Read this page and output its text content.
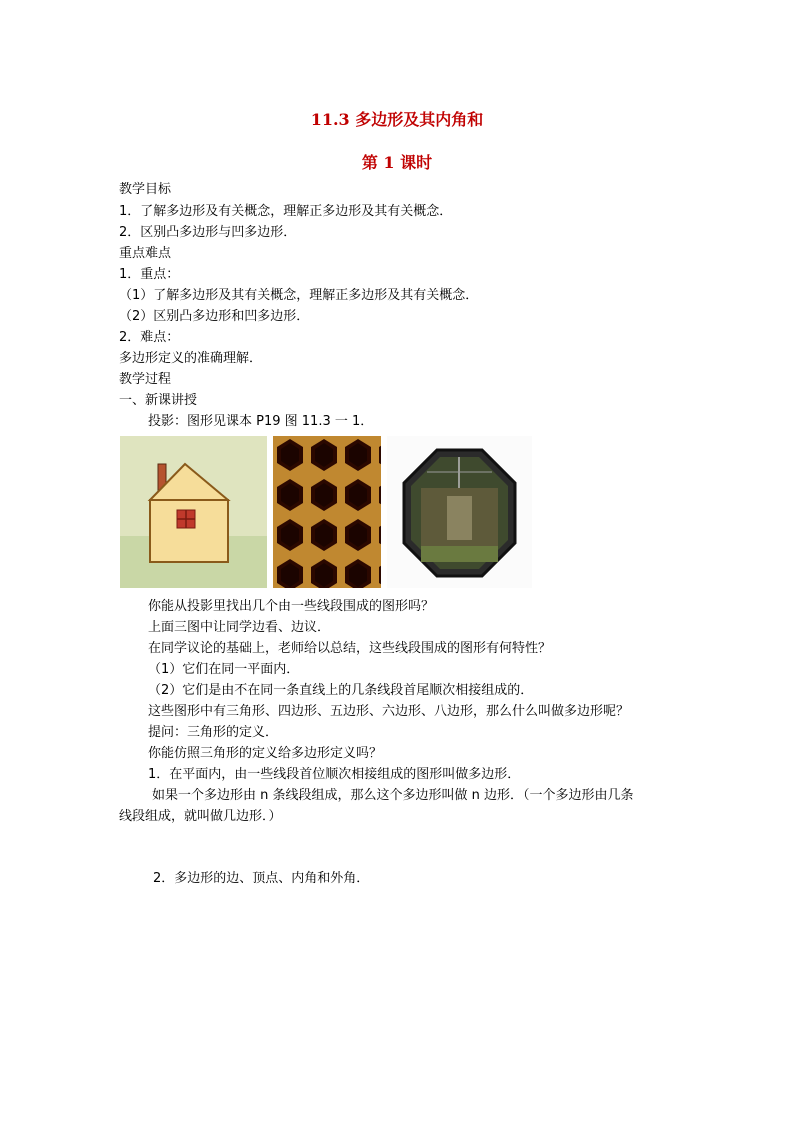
11.3 多边形及其内角和
第 1 课时
教学目标
1．了解多边形及有关概念，理解正多边形及其有关概念．
2．区别凸多边形与凹多边形．
重点难点
1．重点：
（1）了解多边形及其有关概念，理解正多边形及其有关概念．
（2）区别凸多边形和凹多边形．
2．难点：
多边形定义的准确理解．
教学过程
一、新课讲授
投影：图形见课本 P19 图 11.3 一 1．
你能从投影里找出几个由一些线段围成的图形吗？
上面三图中让同学边看、边议．
在同学议论的基础上，老师给以总结，这些线段围成的图形有何特性？
（1）它们在同一平面内．
（2）它们是由不在同一条直线上的几条线段首尾顺次相接组成的．
这些图形中有三角形、四边形、五边形、六边形、八边形，那么什么叫做多边形呢？
提问：三角形的定义．
你能仿照三角形的定义给多边形定义吗？
1．在平面内，由一些线段首位顺次相接组成的图形叫做多边形．
如果一个多边形由 n 条线段组成，那么这个多边形叫做 n 边形．（一个多边形由几条
线段组成，就叫做几边形．）
2．多边形的边、顶点、内角和外角．
